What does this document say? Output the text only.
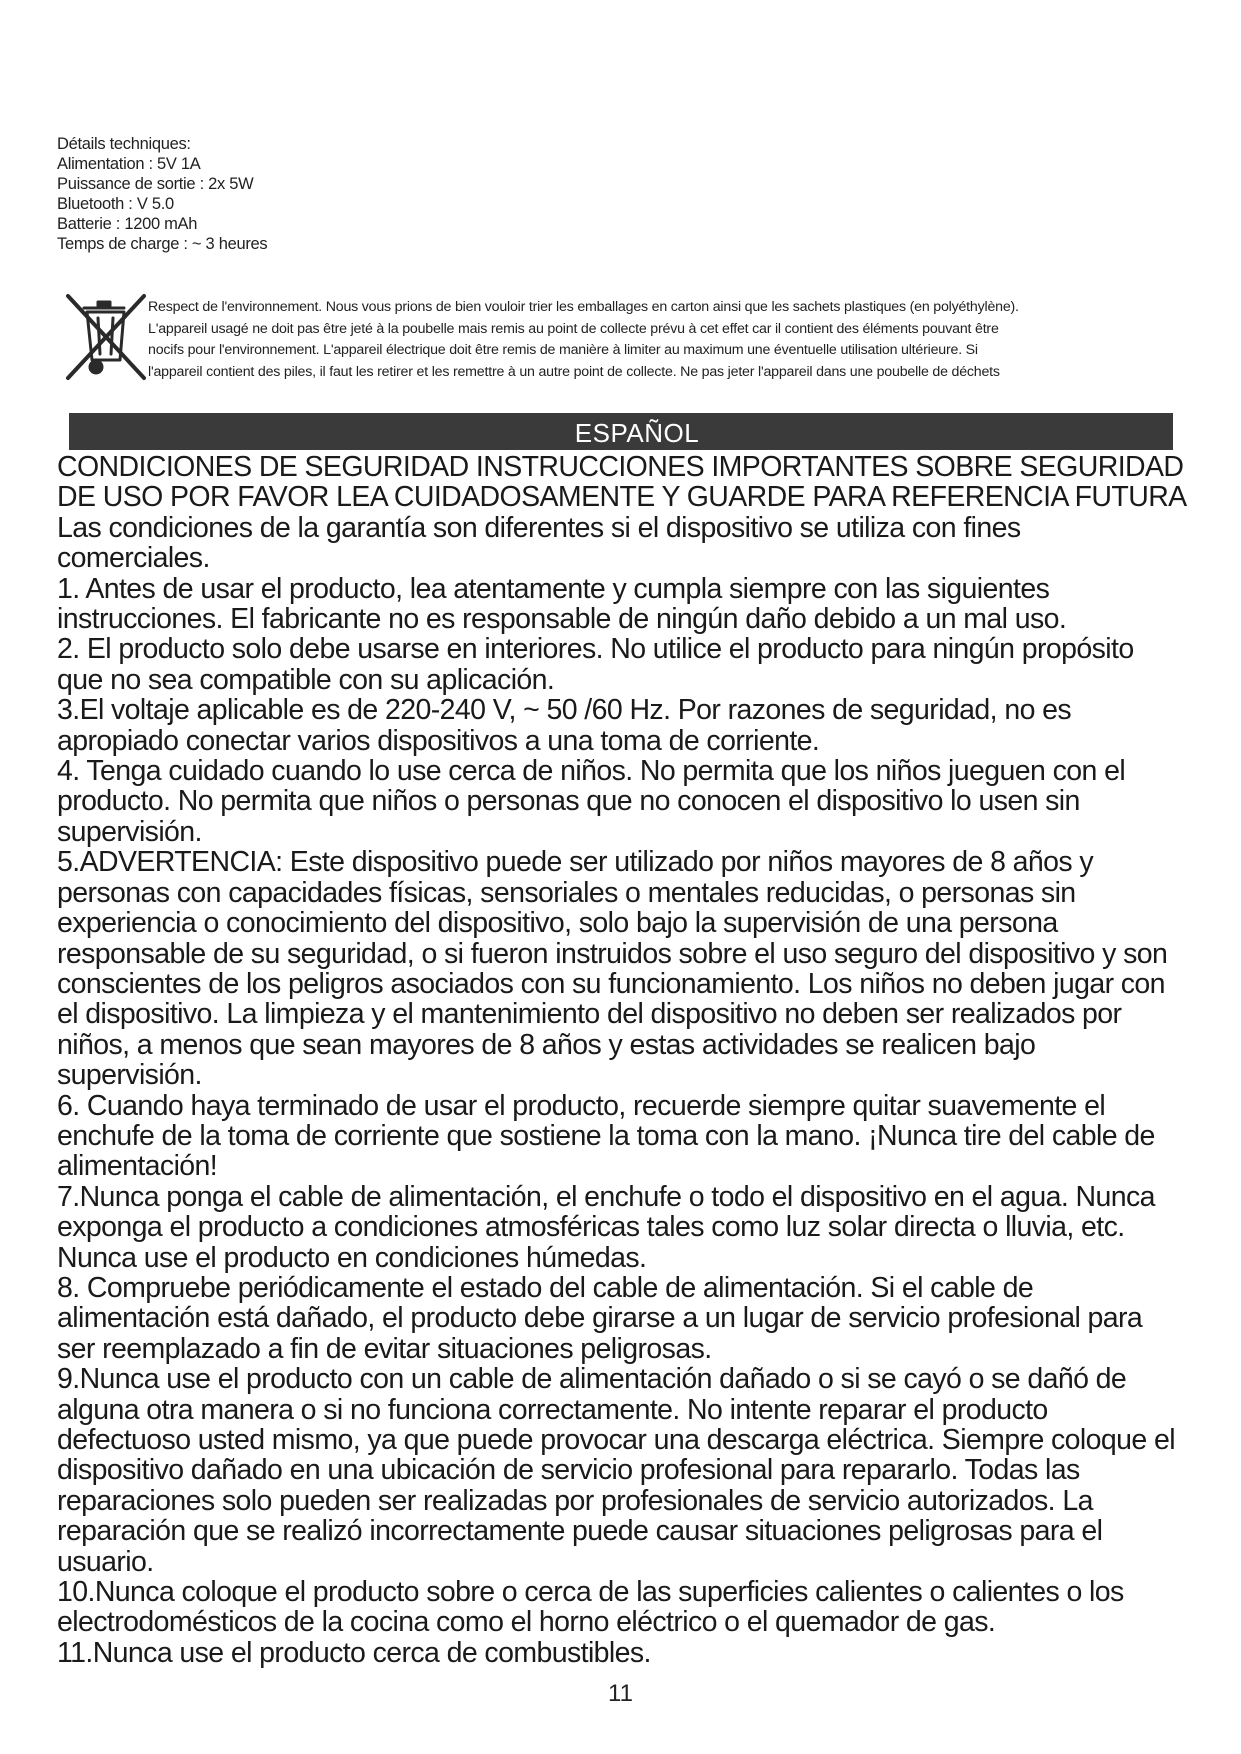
Détails techniques:
Alimentation : 5V 1A
Puissance de sortie : 2x 5W
Bluetooth : V 5.0
Batterie : 1200 mAh
Temps de charge : ~ 3 heures
Respect de l'environnement. Nous vous prions de bien vouloir trier les emballages en carton ainsi que les sachets plastiques (en polyéthylène).
L'appareil usagé ne doit pas être jeté à la poubelle mais remis au point de collecte prévu à cet effet car il contient des éléments pouvant être
nocifs pour l'environnement. L'appareil électrique doit être remis de manière à limiter au maximum une éventuelle utilisation ultérieure. Si
l'appareil contient des piles, il faut les retirer et les remettre à un autre point de collecte. Ne pas jeter l'appareil dans une poubelle de déchets
ESPAÑOL
CONDICIONES DE SEGURIDAD INSTRUCCIONES IMPORTANTES SOBRE SEGURIDAD
DE USO POR FAVOR LEA CUIDADOSAMENTE Y GUARDE PARA REFERENCIA FUTURA
Las condiciones de la garantía son diferentes si el dispositivo se utiliza con fines
comerciales.
1. Antes de usar el producto, lea atentamente y cumpla siempre con las siguientes
instrucciones. El fabricante no es responsable de ningún daño debido a un mal uso.
2. El producto solo debe usarse en interiores. No utilice el producto para ningún propósito
que no sea compatible con su aplicación.
3.El voltaje aplicable es de 220-240 V, ~ 50 /60 Hz. Por razones de seguridad, no es
apropiado conectar varios dispositivos a una toma de corriente.
4. Tenga cuidado cuando lo use cerca de niños. No permita que los niños jueguen con el
producto. No permita que niños o personas que no conocen el dispositivo lo usen sin
supervisión.
5.ADVERTENCIA: Este dispositivo puede ser utilizado por niños mayores de 8 años y
personas con capacidades físicas, sensoriales o mentales reducidas, o personas sin
experiencia o conocimiento del dispositivo, solo bajo la supervisión de una persona
responsable de su seguridad, o si fueron instruidos sobre el uso seguro del dispositivo y son
conscientes de los peligros asociados con su funcionamiento. Los niños no deben jugar con
el dispositivo. La limpieza y el mantenimiento del dispositivo no deben ser realizados por
niños, a menos que sean mayores de 8 años y estas actividades se realicen bajo
supervisión.
6. Cuando haya terminado de usar el producto, recuerde siempre quitar suavemente el
enchufe de la toma de corriente que sostiene la toma con la mano. ¡Nunca tire del cable de
alimentación!
7.Nunca ponga el cable de alimentación, el enchufe o todo el dispositivo en el agua. Nunca
exponga el producto a condiciones atmosféricas tales como luz solar directa o lluvia, etc.
Nunca use el producto en condiciones húmedas.
8. Compruebe periódicamente el estado del cable de alimentación. Si el cable de
alimentación está dañado, el producto debe girarse a un lugar de servicio profesional para
ser reemplazado a fin de evitar situaciones peligrosas.
9.Nunca use el producto con un cable de alimentación dañado o si se cayó o se dañó de
alguna otra manera o si no funciona correctamente. No intente reparar el producto
defectuoso usted mismo, ya que puede provocar una descarga eléctrica. Siempre coloque el
dispositivo dañado en una ubicación de servicio profesional para repararlo. Todas las
reparaciones solo pueden ser realizadas por profesionales de servicio autorizados. La
reparación que se realizó incorrectamente puede causar situaciones peligrosas para el
usuario.
10.Nunca coloque el producto sobre o cerca de las superficies calientes o calientes o los
electrodomésticos de la cocina como el horno eléctrico o el quemador de gas.
11.Nunca use el producto cerca de combustibles.
11
